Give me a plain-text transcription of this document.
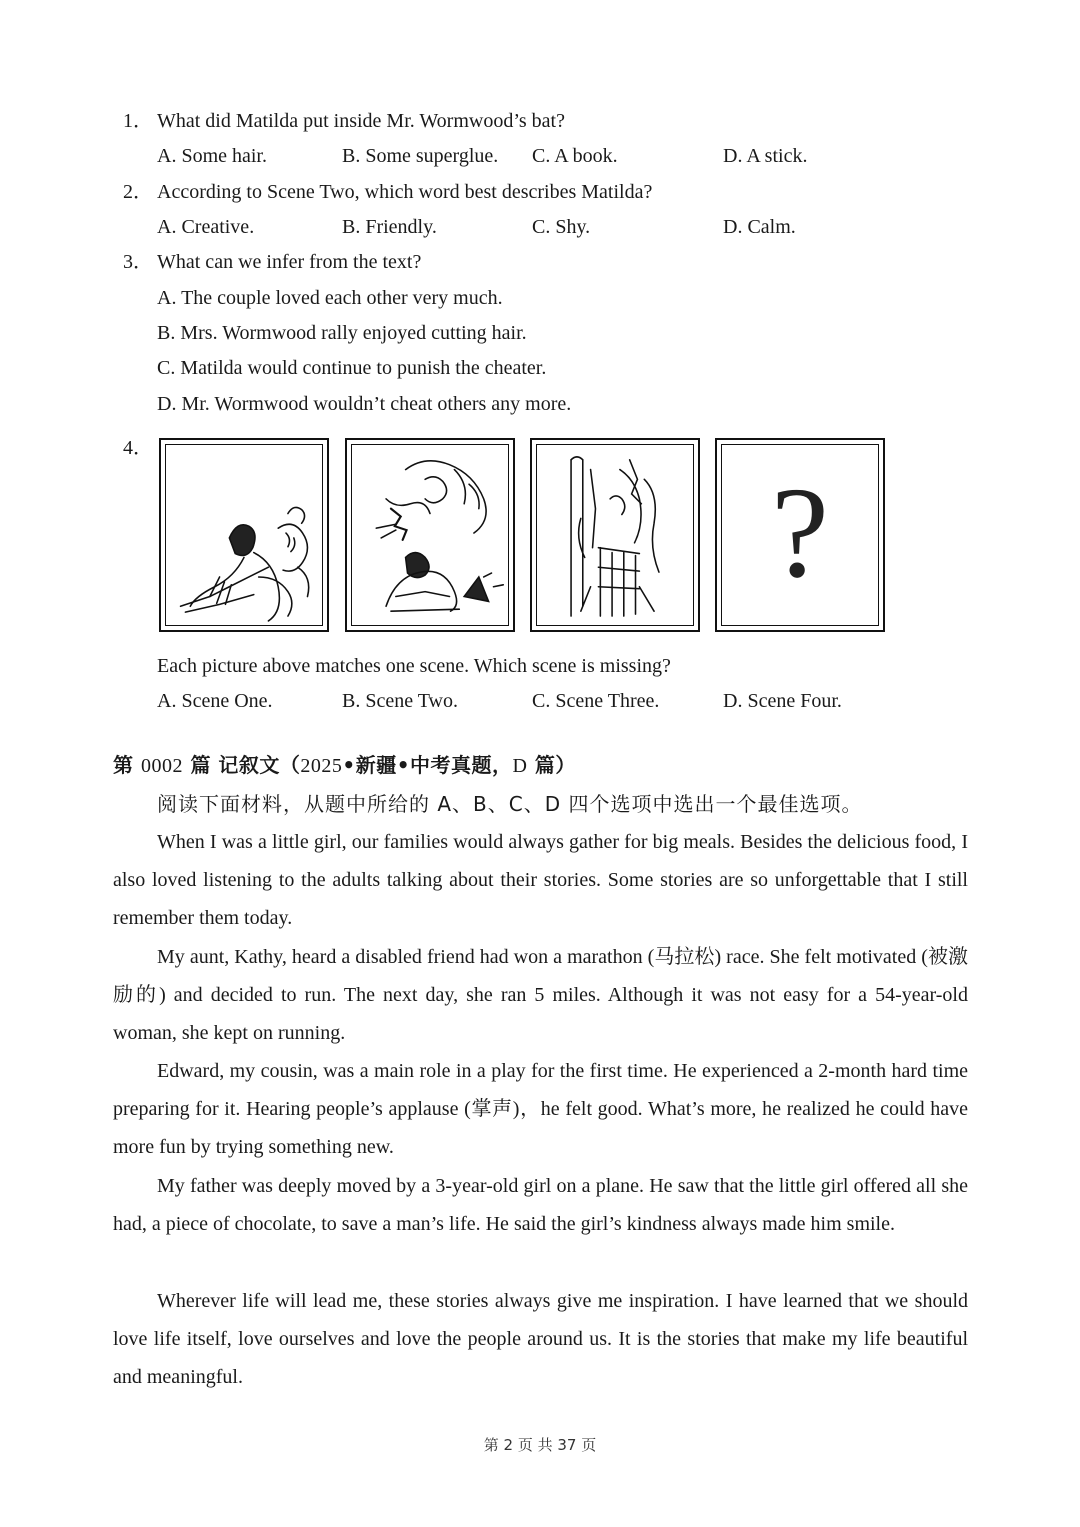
1． What did Matilda put inside Mr. Wormwood’s bat?
A. Some hair.	B. Some superglue. C. A book.	D. A stick.
2． According to Scene Two, which word best describes Matilda?
A. Creative.	B. Friendly.	C. Shy.	D. Calm.
3． What can we infer from the text?
A. The couple loved each other very much.
B. Mrs. Wormwood rally enjoyed cutting hair.
C. Matilda would continue to punish the cheater.
D. Mr. Wormwood wouldn’t cheat others any more.
4．
?
Each picture above matches one scene. Which scene is missing?
A. Scene One.	B. Scene Two.	C. Scene Three.	D. Scene Four.
第 0002 篇 记叙文（2025•新疆•中考真题，D 篇）
阅读下面材料，从题中所给的 A、B、C、D 四个选项中选出一个最佳选项。
When I was a little girl, our families would always gather for big meals. Besides the delicious food, I also loved listening to the adults talking about their stories. Some stories are so unforgettable that I still remember them today.
My aunt, Kathy, heard a disabled friend had won a marathon (马拉松) race. She felt motivated (被激励的) and decided to run. The next day, she ran 5 miles. Although it was not easy for a 54-year-old woman, she kept on running.
Edward, my cousin, was a main role in a play for the first time. He experienced a 2-month hard time preparing for it. Hearing people’s applause (掌声)，he felt good. What’s more, he realized he could have more fun by trying something new.
My father was deeply moved by a 3-year-old girl on a plane. He saw that the little girl offered all she had, a piece of chocolate, to save a man’s life. He said the girl’s kindness always made him smile.
Wherever life will lead me, these stories always give me inspiration. I have learned that we should love life itself, love ourselves and love the people around us. It is the stories that make my life beautiful and meaningful.
第 2 页 共 37 页
